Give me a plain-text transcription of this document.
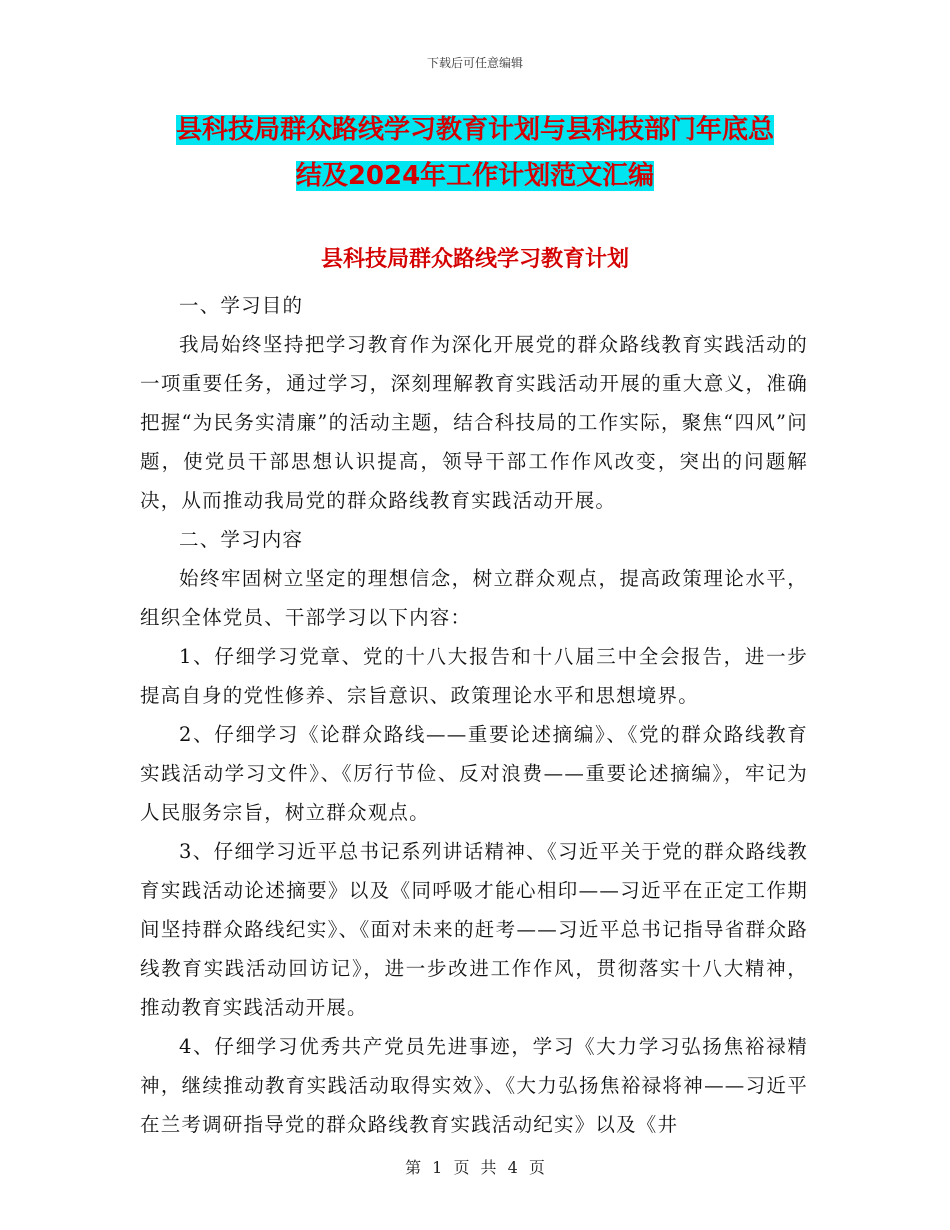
下载后可任意编辑
县科技局群众路线学习教育计划与县科技部门年底总
结及2024年工作计划范文汇编
县科技局群众路线学习教育计划

一、学习目的

我局始终坚持把学习教育作为深化开展党的群众路线教育实践活动的一项重要任务，通过学习，深刻理解教育实践活动开展的重大意义，准确把握“为民务实清廉”的活动主题，结合科技局的工作实际，聚焦“四风”问题，使党员干部思想认识提高，领导干部工作作风改变，突出的问题解决，从而推动我局党的群众路线教育实践活动开展。

二、学习内容

始终牢固树立坚定的理想信念，树立群众观点，提高政策理论水平，组织全体党员、干部学习以下内容：

1、仔细学习党章、党的十八大报告和十八届三中全会报告，进一步提高自身的党性修养、宗旨意识、政策理论水平和思想境界。

2、仔细学习《论群众路线——重要论述摘编》、《党的群众路线教育实践活动学习文件》、《厉行节俭、反对浪费——重要论述摘编》，牢记为人民服务宗旨，树立群众观点。

3、仔细学习近平总书记系列讲话精神、《习近平关于党的群众路线教育实践活动论述摘要》以及《同呼吸才能心相印——习近平在正定工作期间坚持群众路线纪实》、《面对未来的赶考——习近平总书记指导省群众路线教育实践活动回访记》，进一步改进工作作风，贯彻落实十八大精神，推动教育实践活动开展。

4、仔细学习优秀共产党员先进事迹，学习《大力学习弘扬焦裕禄精神，继续推动教育实践活动取得实效》、《大力弘扬焦裕禄将神——习近平在兰考调研指导党的群众路线教育实践活动纪实》以及《井

第 1 页 共 4 页
